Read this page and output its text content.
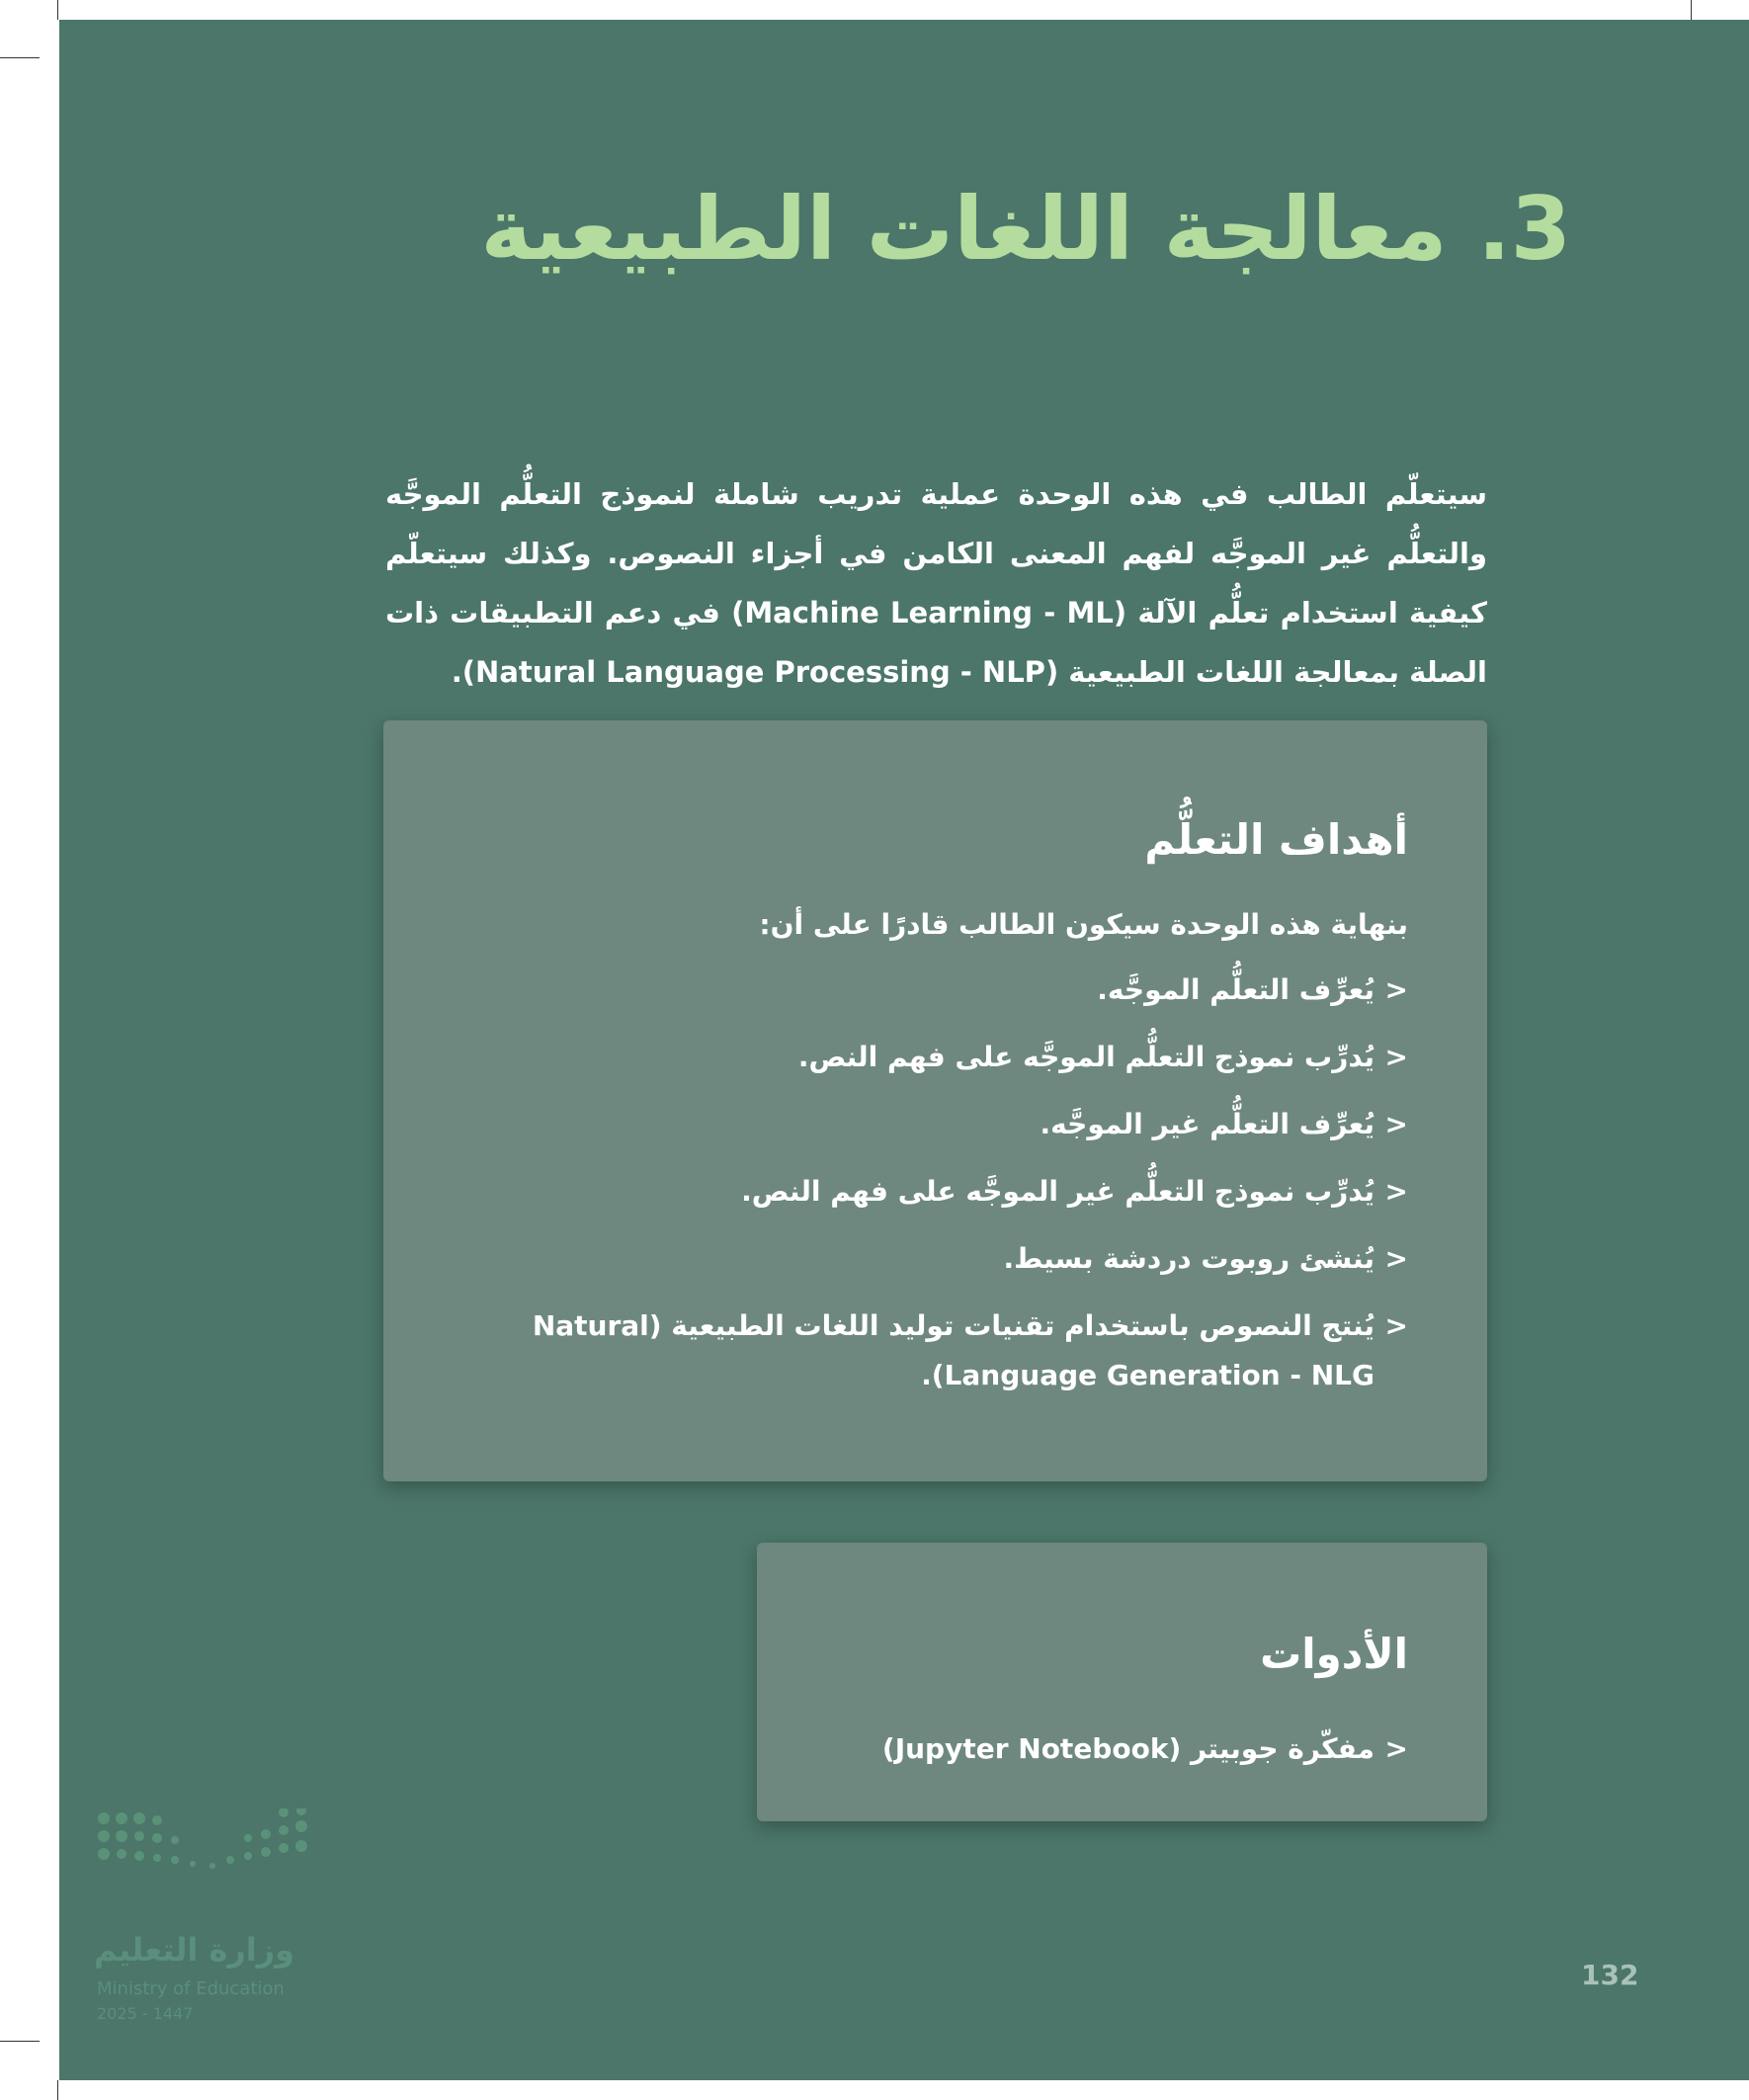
3. معالجة اللغات الطبيعية

سيتعلّم الطالب في هذه الوحدة عملية تدريب شاملة لنموذج التعلُّم الموجَّه والتعلُّم غير الموجَّه لفهم المعنى الكامن في أجزاء النصوص. وكذلك سيتعلّم كيفية استخدام تعلُّم الآلة (Machine Learning - ML) في دعم التطبيقات ذات الصلة بمعالجة اللغات الطبيعية (Natural Language Processing - NLP).

أهداف التعلُّم

بنهاية هذه الوحدة سيكون الطالب قادرًا على أن:

<
يُعرِّف التعلُّم الموجَّه.
<
يُدرِّب نموذج التعلُّم الموجَّه على فهم النص.
<
يُعرِّف التعلُّم غير الموجَّه.
<
يُدرِّب نموذج التعلُّم غير الموجَّه على فهم النص.
<
يُنشئ روبوت دردشة بسيط.
<
يُنتج النصوص باستخدام تقنيات توليد اللغات الطبيعية (Natural Language Generation - NLG).
الأدوات
<
مفكّرة جوبيتر (Jupyter Notebook)
وزارة التعليم
Ministry of Education
2025 - 1447
132
